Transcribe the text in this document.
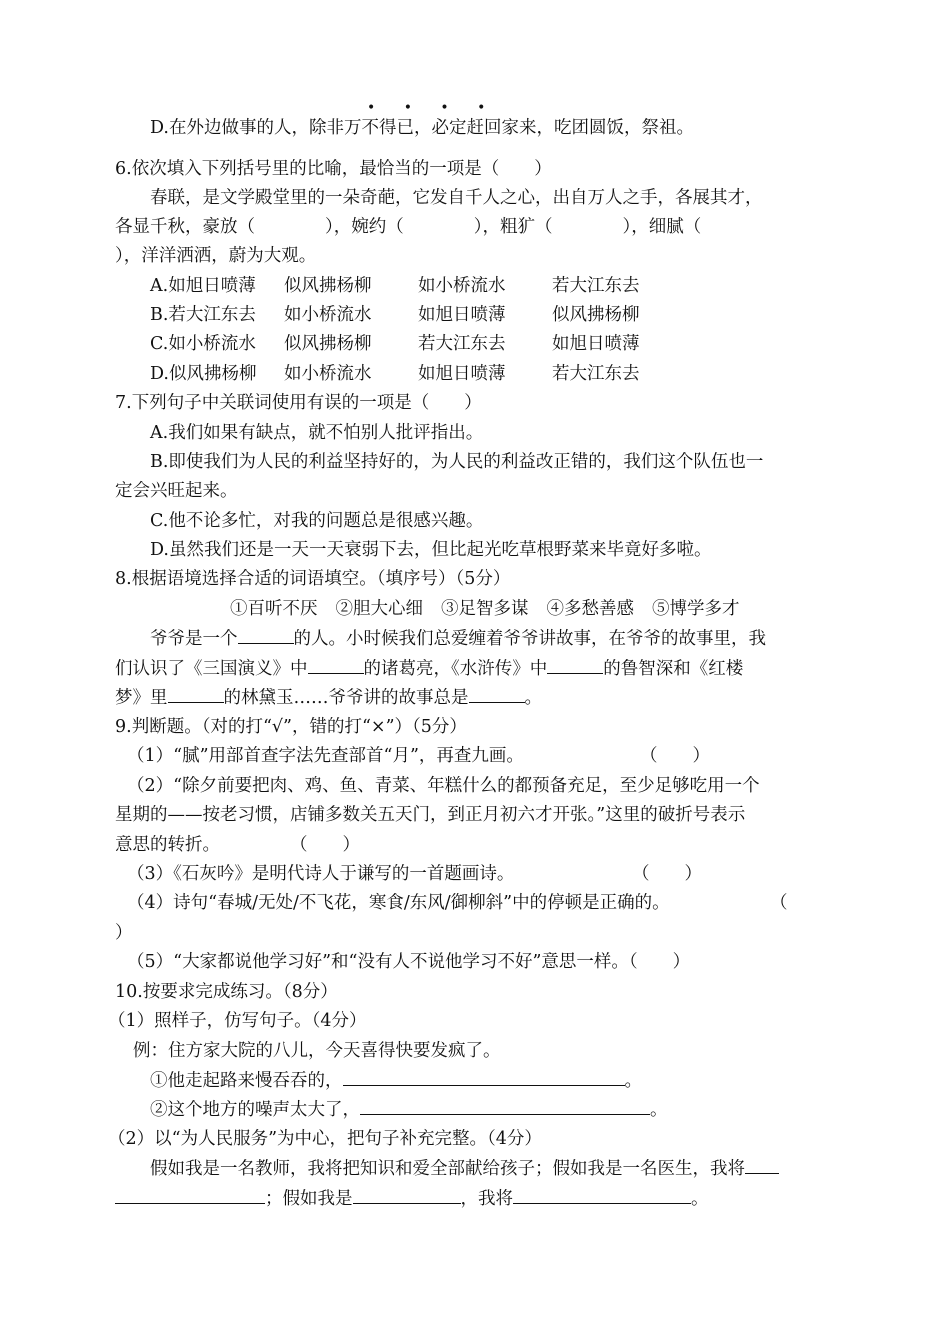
• • • •
D.在外边做事的人，除非万不得已，必定赶回家来，吃团圆饭，祭祖。
6.依次填入下列括号里的比喻，最恰当的一项是（　　）
春联，是文学殿堂里的一朵奇葩，它发自千人之心，出自万人之手，各展其才，
各显千秋，豪放（　　　　），婉约（　　　　），粗犷（　　　　），细腻（
），洋洋洒洒，蔚为大观。
A.如旭日喷薄 似风拂杨柳	如小桥流水	若大江东去
B.若大江东去 如小桥流水	如旭日喷薄	似风拂杨柳
C.如小桥流水 似风拂杨柳	若大江东去	如旭日喷薄
D.似风拂杨柳 如小桥流水	如旭日喷薄	若大江东去
7.下列句子中关联词使用有误的一项是（　　）
A.我们如果有缺点，就不怕别人批评指出。
B.即使我们为人民的利益坚持好的，为人民的利益改正错的，我们这个队伍也一
定会兴旺起来。
C.他不论多忙，对我的问题总是很感兴趣。
D.虽然我们还是一天一天衰弱下去，但比起光吃草根野菜来毕竟好多啦。
8.根据语境选择合适的词语填空。（填序号）（5分）
①百听不厌 ②胆大心细 ③足智多谋 ④多愁善感 ⑤博学多才
爷爷是一个	的人。小时候我们总爱缠着爷爷讲故事，在爷爷的故事里，我
们认识了《三国演义》中	的诸葛亮，《水浒传》中	的鲁智深和《红楼
梦》里	的林黛玉……爷爷讲的故事总是	。
9.判断题。（对的打“√”，错的打“×”）（5分）
（1）“腻”用部首查字法先查部首“月”，再查九画。	（　　）
（2）“除夕前要把肉、鸡、鱼、青菜、年糕什么的都预备充足，至少足够吃用一个
星期的——按老习惯，店铺多数关五天门，到正月初六才开张。”这里的破折号表示
意思的转折。	（　　）
（3）《石灰吟》是明代诗人于谦写的一首题画诗。	（　　）
（4）诗句“春城/无处/不飞花，寒食/东风/御柳斜”中的停顿是正确的。	（
）
（5）“大家都说他学习好”和“没有人不说他学习不好”意思一样。（　　）
10.按要求完成练习。（8分）
（1）照样子，仿写句子。（4分）
例：住方家大院的八儿，今天喜得快要发疯了。
①他走起路来慢吞吞的，	。
②这个地方的噪声太大了，	。
（2）以“为人民服务”为中心，把句子补充完整。（4分）
假如我是一名教师，我将把知识和爱全部献给孩子；假如我是一名医生，我将
；假如我是	，我将	。
